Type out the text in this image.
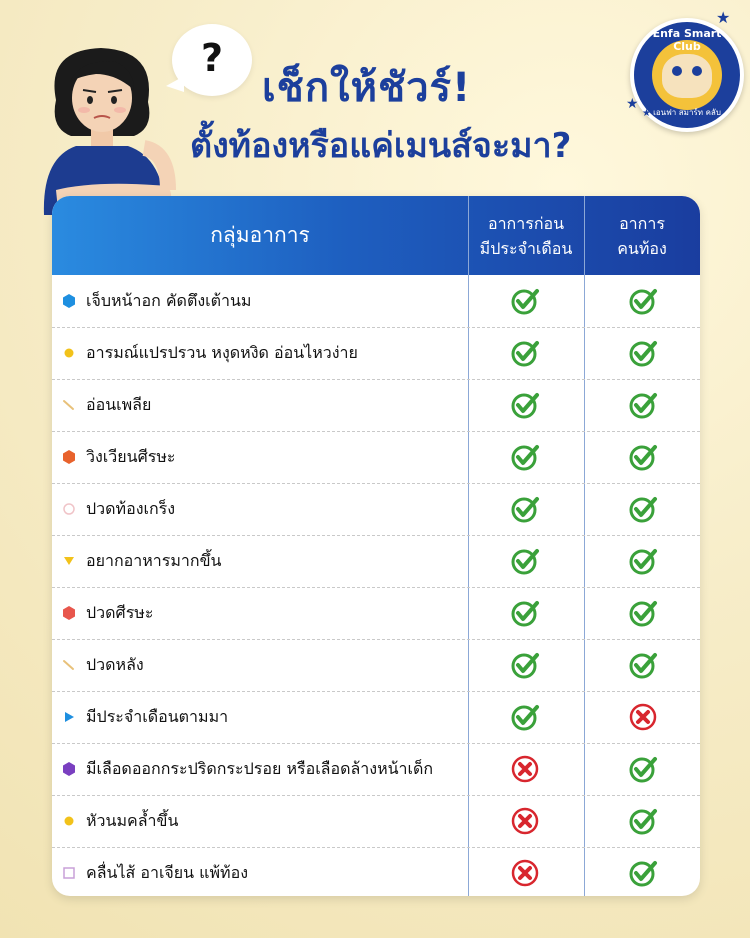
?
เช็กให้ชัวร์!
ตั้งท้องหรือแค่เมนส์จะมา?
Enfa Smart Club
เอนฟา สมาร์ท คลับ
★
★
★
กลุ่มอาการ	อาการก่อน
มีประจำเดือน
อาการ
คนท้อง
เจ็บหน้าอก คัดตึงเต้านม
อารมณ์แปรปรวน หงุดหงิด อ่อนไหวง่าย
อ่อนเพลีย
วิงเวียนศีรษะ
ปวดท้องเกร็ง
อยากอาหารมากขึ้น
ปวดศีรษะ
ปวดหลัง
มีประจำเดือนตามมา
มีเลือดออกกระปริดกระปรอย หรือเลือดล้างหน้าเด็ก
หัวนมคล้ำขึ้น
คลื่นไส้ อาเจียน แพ้ท้อง
